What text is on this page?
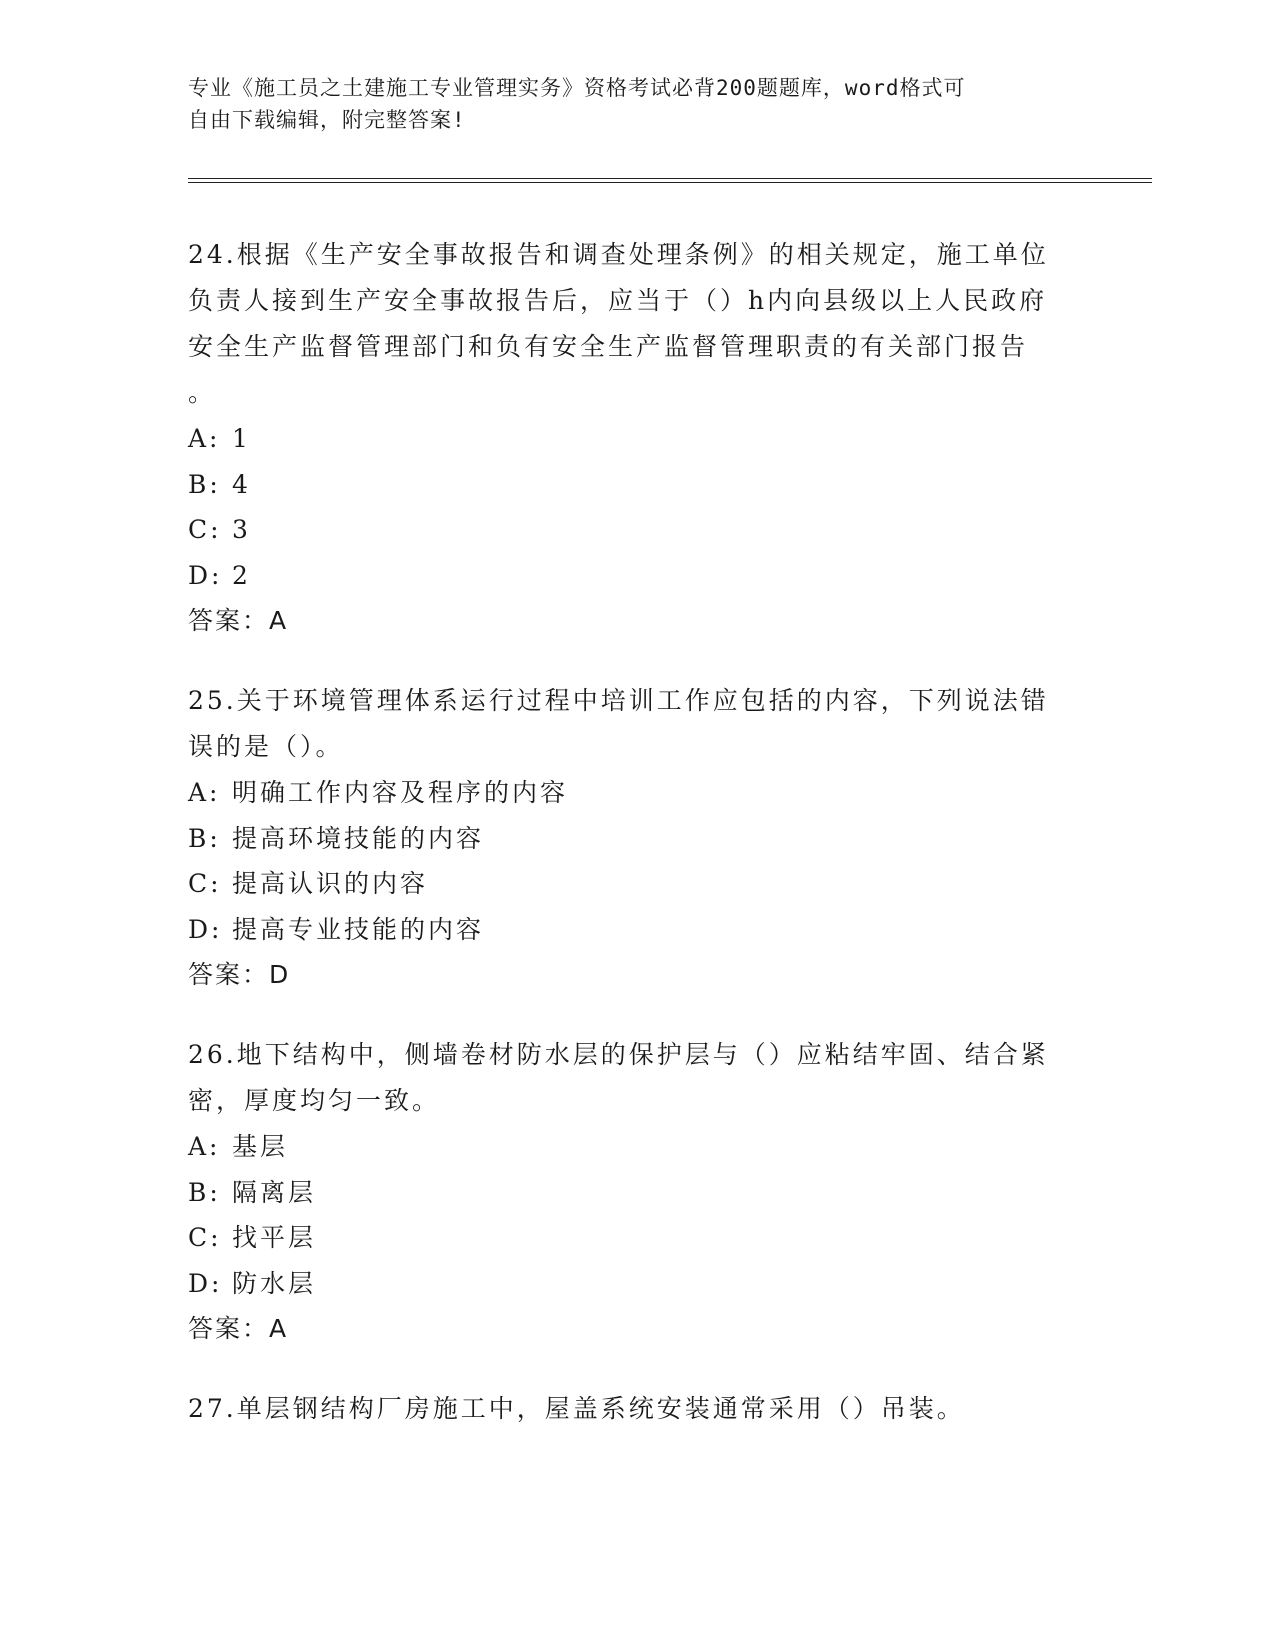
专业《施工员之土建施工专业管理实务》资格考试必背200题题库，word格式可
自由下载编辑，附完整答案!
24.根据《生产安全事故报告和调查处理条例》的相关规定，施工单位
负责人接到生产安全事故报告后，应当于（）h内向县级以上人民政府
安全生产监督管理部门和负有安全生产监督管理职责的有关部门报告
。
A: 1
B: 4
C: 3
D: 2
答案：A
25.关于环境管理体系运行过程中培训工作应包括的内容，下列说法错
误的是（）。
A: 明确工作内容及程序的内容
B: 提高环境技能的内容
C: 提高认识的内容
D: 提高专业技能的内容
答案：D
26.地下结构中，侧墙卷材防水层的保护层与（）应粘结牢固、结合紧
密，厚度均匀一致。
A: 基层
B: 隔离层
C: 找平层
D: 防水层
答案：A
27.单层钢结构厂房施工中，屋盖系统安装通常采用（）吊装。
